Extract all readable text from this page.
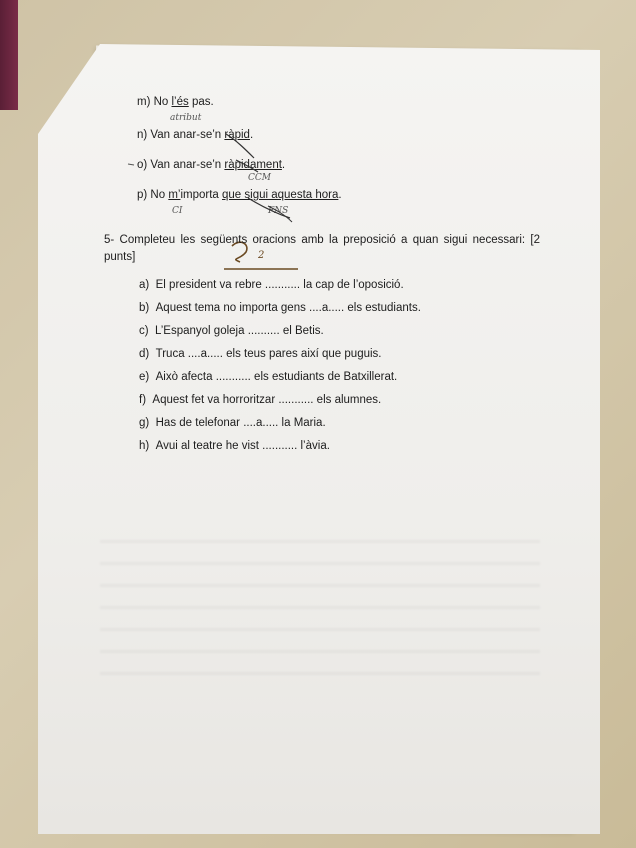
m) No l’és pas.
atribut
n) Van anar-se’n ràpid.
o) Van anar-se’n ràpidament.
CCM
p) No m’importa que sigui aquesta hora.
CI	FNS
5- Completeu les següents oracions amb la preposició a quan sigui necessari: [2 punts]	2
a) El president va rebre ........... la cap de l’oposició.
b) Aquest tema no importa gens ....a..... els estudiants.
c) L’Espanyol goleja .......... el Betis.
d) Truca ....a..... els teus pares així que puguis.
e) Això afecta ........... els estudiants de Batxillerat.
f) Aquest fet va horroritzar ........... els alumnes.
g) Has de telefonar ....a..... la Maria.
h) Avui al teatre he vist ........... l’àvia.
